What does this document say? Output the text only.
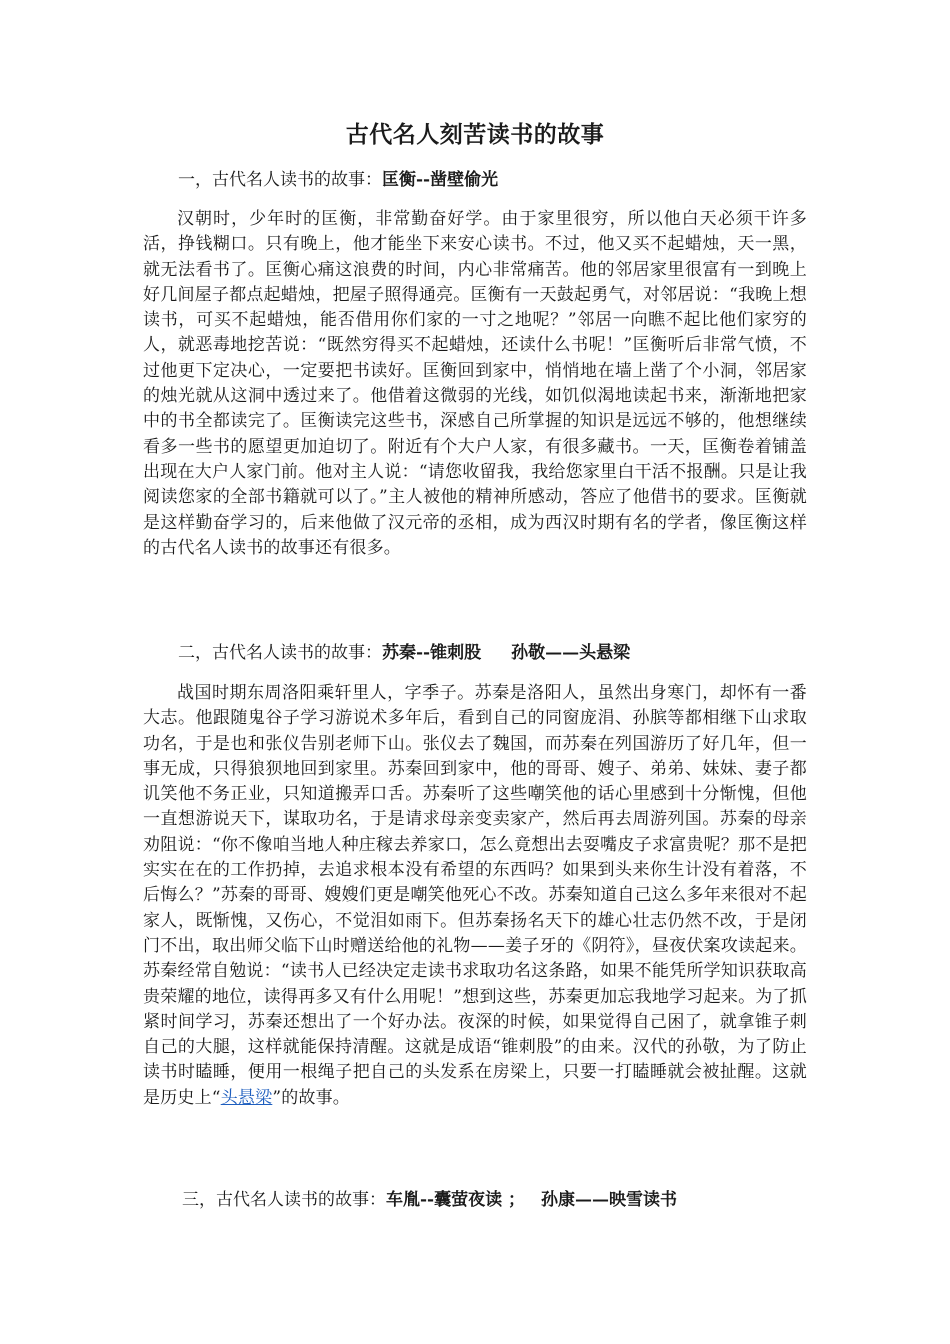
古代名人刻苦读书的故事
一，古代名人读书的故事：匡衡--凿壁偷光
汉朝时，少年时的匡衡，非常勤奋好学。由于家里很穷，所以他白天必须干许多活，挣钱糊口。只有晚上，他才能坐下来安心读书。不过，他又买不起蜡烛，天一黑，就无法看书了。匡衡心痛这浪费的时间，内心非常痛苦。他的邻居家里很富有一到晚上好几间屋子都点起蜡烛，把屋子照得通亮。匡衡有一天鼓起勇气，对邻居说：“我晚上想读书，可买不起蜡烛，能否借用你们家的一寸之地呢？”邻居一向瞧不起比他们家穷的人，就恶毒地挖苦说：“既然穷得买不起蜡烛，还读什么书呢！”匡衡听后非常气愤，不过他更下定决心，一定要把书读好。匡衡回到家中，悄悄地在墙上凿了个小洞，邻居家的烛光就从这洞中透过来了。他借着这微弱的光线，如饥似渴地读起书来，渐渐地把家中的书全都读完了。匡衡读完这些书，深感自己所掌握的知识是远远不够的，他想继续看多一些书的愿望更加迫切了。附近有个大户人家，有很多藏书。一天，匡衡卷着铺盖出现在大户人家门前。他对主人说：“请您收留我，我给您家里白干活不报酬。只是让我阅读您家的全部书籍就可以了。”主人被他的精神所感动，答应了他借书的要求。匡衡就是这样勤奋学习的，后来他做了汉元帝的丞相，成为西汉时期有名的学者，像匡衡这样的古代名人读书的故事还有很多。
二，古代名人读书的故事：苏秦--锥刺股 孙敬——头悬梁
战国时期东周洛阳乘轩里人，字季子。苏秦是洛阳人，虽然出身寒门，却怀有一番大志。他跟随鬼谷子学习游说术多年后，看到自己的同窗庞涓、孙膑等都相继下山求取功名，于是也和张仪告别老师下山。张仪去了魏国，而苏秦在列国游历了好几年，但一事无成，只得狼狈地回到家里。苏秦回到家中，他的哥哥、嫂子、弟弟、妹妹、妻子都讥笑他不务正业，只知道搬弄口舌。苏秦听了这些嘲笑他的话心里感到十分惭愧，但他一直想游说天下，谋取功名，于是请求母亲变卖家产，然后再去周游列国。苏秦的母亲劝阻说：“你不像咱当地人种庄稼去养家口，怎么竟想出去耍嘴皮子求富贵呢？那不是把实实在在的工作扔掉，去追求根本没有希望的东西吗？如果到头来你生计没有着落，不后悔么？”苏秦的哥哥、嫂嫂们更是嘲笑他死心不改。苏秦知道自己这么多年来很对不起家人，既惭愧，又伤心，不觉泪如雨下。但苏秦扬名天下的雄心壮志仍然不改，于是闭门不出，取出师父临下山时赠送给他的礼物——姜子牙的《阴符》，昼夜伏案攻读起来。苏秦经常自勉说：“读书人已经决定走读书求取功名这条路，如果不能凭所学知识获取高贵荣耀的地位，读得再多又有什么用呢！”想到这些，苏秦更加忘我地学习起来。为了抓紧时间学习，苏秦还想出了一个好办法。夜深的时候，如果觉得自己困了，就拿锥子刺自己的大腿，这样就能保持清醒。这就是成语“锥刺股”的由来。汉代的孙敬，为了防止读书时瞌睡，便用一根绳子把自己的头发系在房梁上，只要一打瞌睡就会被扯醒。这就是历史上“头悬梁”的故事。
三，古代名人读书的故事：车胤--囊萤夜读 ； 孙康——映雪读书
